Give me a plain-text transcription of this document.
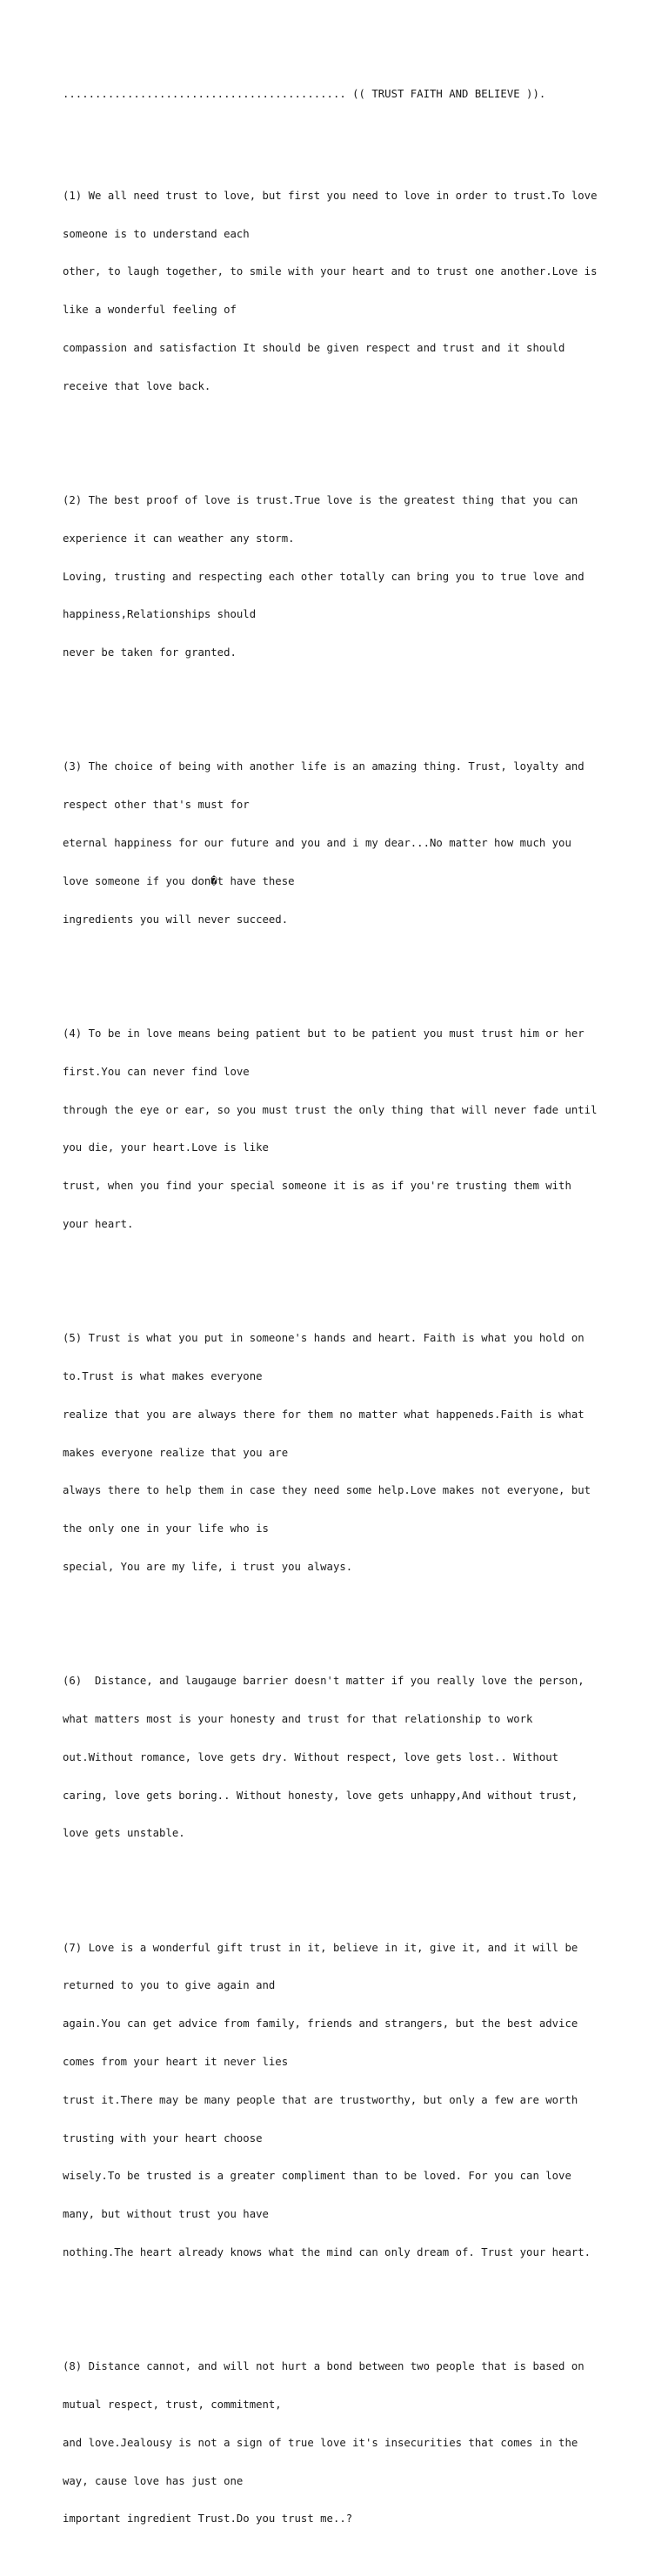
............................................ (( TRUST FAITH AND BELIEVE )).

(1) We all need trust to love, but first you need to love in order to trust.To love

someone is to understand each

other, to laugh together, to smile with your heart and to trust one another.Love is

like a wonderful feeling of

compassion and satisfaction It should be given respect and trust and it should

receive that love back.

(2) The best proof of love is trust.True love is the greatest thing that you can

experience it can weather any storm.

Loving, trusting and respecting each other totally can bring you to true love and

happiness,Relationships should

never be taken for granted.

(3) The choice of being with another life is an amazing thing. Trust, loyalty and

respect other that's must for

eternal happiness for our future and you and i my dear...No matter how much you

love someone if you don�t have these

ingredients you will never succeed.

(4) To be in love means being patient but to be patient you must trust him or her

first.You can never find love

through the eye or ear, so you must trust the only thing that will never fade until

you die, your heart.Love is like

trust, when you find your special someone it is as if you're trusting them with

your heart.

(5) Trust is what you put in someone's hands and heart. Faith is what you hold on

to.Trust is what makes everyone

realize that you are always there for them no matter what happeneds.Faith is what

makes everyone realize that you are

always there to help them in case they need some help.Love makes not everyone, but

the only one in your life who is

special, You are my life, i trust you always.

(6)  Distance, and laugauge barrier doesn't matter if you really love the person,

what matters most is your honesty and trust for that relationship to work

out.Without romance, love gets dry. Without respect, love gets lost.. Without

caring, love gets boring.. Without honesty, love gets unhappy,And without trust,

love gets unstable.

(7) Love is a wonderful gift trust in it, believe in it, give it, and it will be

returned to you to give again and

again.You can get advice from family, friends and strangers, but the best advice

comes from your heart it never lies

trust it.There may be many people that are trustworthy, but only a few are worth

trusting with your heart choose

wisely.To be trusted is a greater compliment than to be loved. For you can love

many, but without trust you have

nothing.The heart already knows what the mind can only dream of. Trust your heart.

(8) Distance cannot, and will not hurt a bond between two people that is based on

mutual respect, trust, commitment,

and love.Jealousy is not a sign of true love it's insecurities that comes in the

way, cause love has just one

important ingredient Trust.Do you trust me..?
